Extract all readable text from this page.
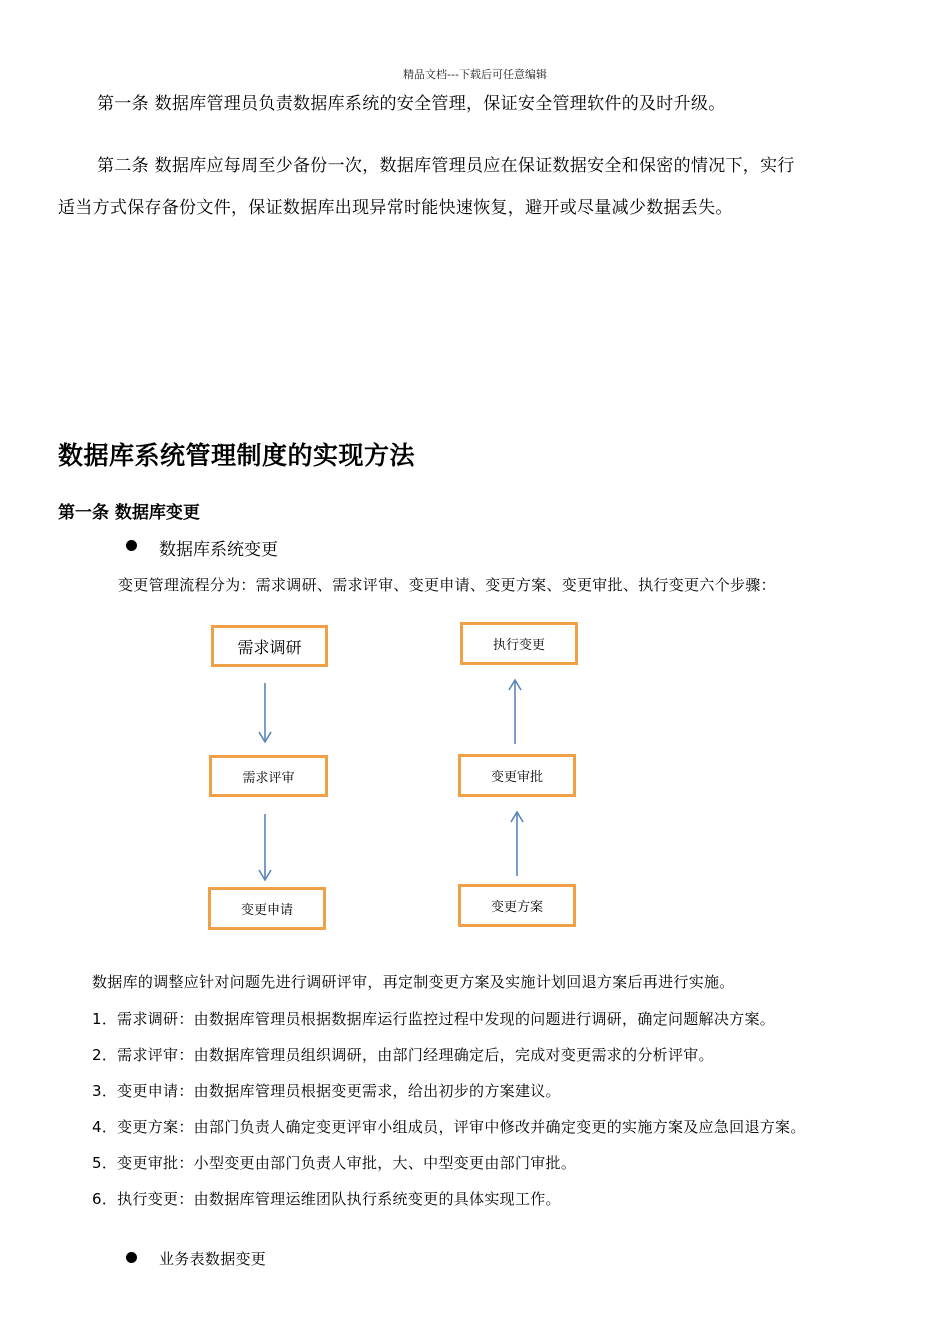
精品文档---下载后可任意编辑
第一条 数据库管理员负责数据库系统的安全管理，保证安全管理软件的及时升级。
第二条 数据库应每周至少备份一次，数据库管理员应在保证数据安全和保密的情况下，实行
适当方式保存备份文件，保证数据库出现异常时能快速恢复，避开或尽量减少数据丢失。
数据库系统管理制度的实现方法
第一条 数据库变更
数据库系统变更
变更管理流程分为：需求调研、需求评审、变更申请、变更方案、变更审批、执行变更六个步骤：
需求调研
需求评审
变更申请	变更方案
变更审批
执行变更
数据库的调整应针对问题先进行调研评审，再定制变更方案及实施计划回退方案后再进行实施。
1．需求调研：由数据库管理员根据数据库运行监控过程中发现的问题进行调研，确定问题解决方案。
2．需求评审：由数据库管理员组织调研，由部门经理确定后，完成对变更需求的分析评审。
3．变更申请：由数据库管理员根据变更需求，给出初步的方案建议。
4．变更方案：由部门负责人确定变更评审小组成员，评审中修改并确定变更的实施方案及应急回退方案。
5．变更审批：小型变更由部门负责人审批，大、中型变更由部门审批。
6．执行变更：由数据库管理运维团队执行系统变更的具体实现工作。
业务表数据变更
